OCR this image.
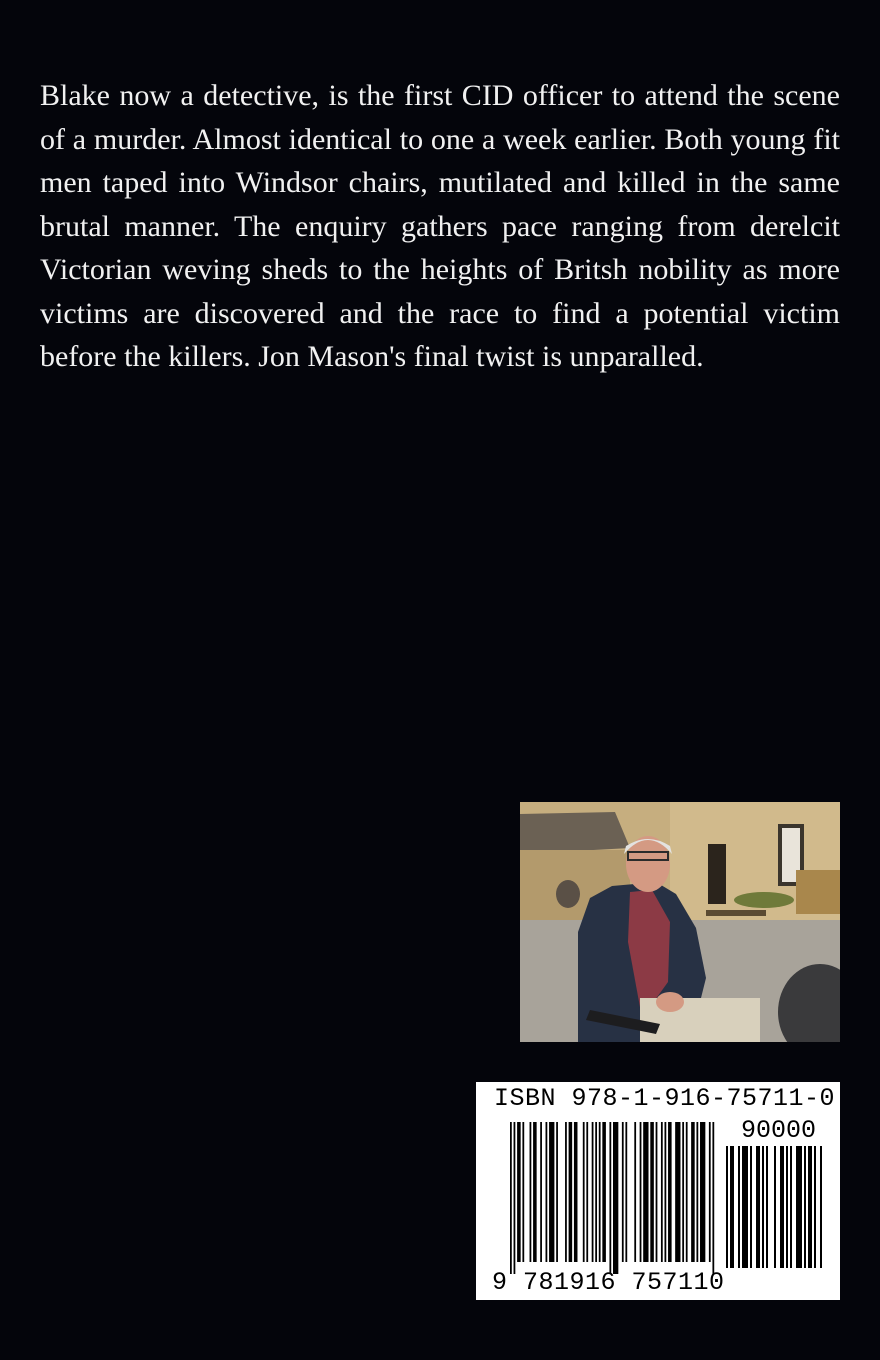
Blake now a detective, is the first CID officer to attend the scene of a murder. Almost identical to one a week earlier. Both young fit men taped into Windsor chairs, mutilated and killed in the same brutal manner. The enquiry gathers pace ranging from derelcit Victorian weving sheds to the heights of Britsh nobility as more victims are discovered and the race to find a potential victim before the killers. Jon Mason's final twist is unparalled.

ISBN 978-1-916-75711-0
90000
9 781916 757110
